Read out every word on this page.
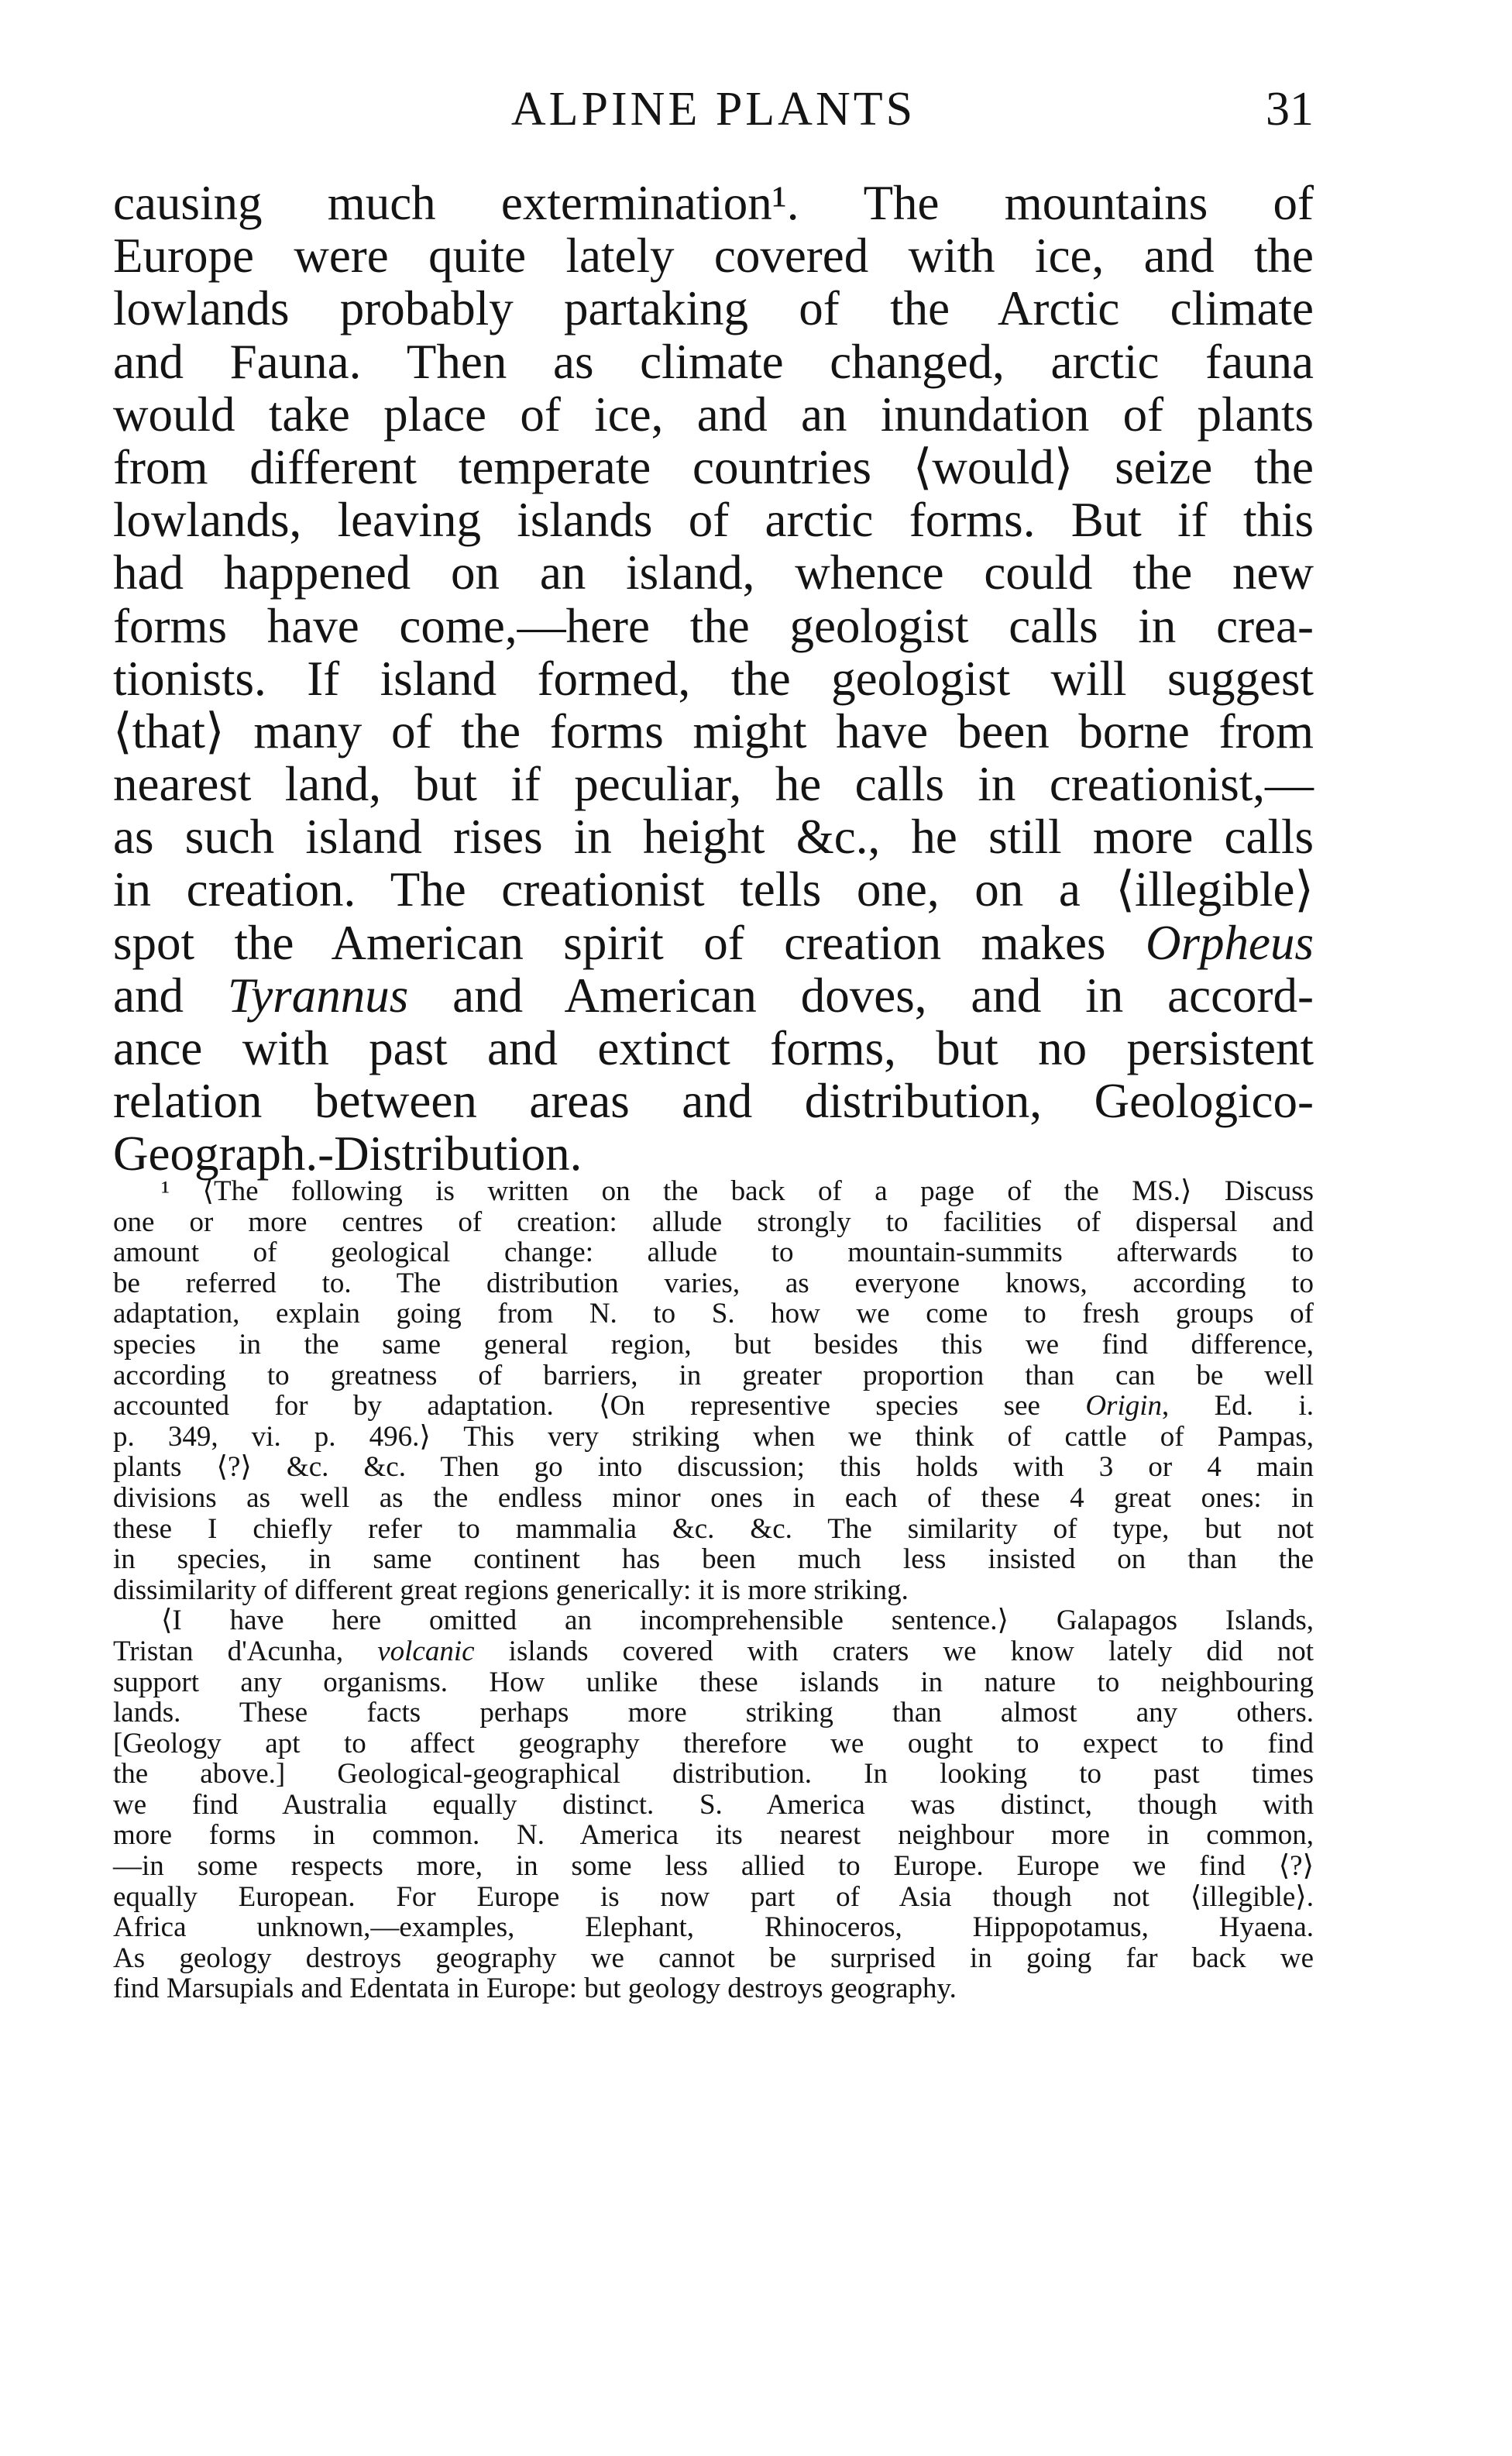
ALPINE PLANTS	31
causing much extermination¹. The mountains of
Europe were quite lately covered with ice, and the
lowlands probably partaking of the Arctic climate
and Fauna. Then as climate changed, arctic fauna
would take place of ice, and an inundation of plants
from different temperate countries ⟨would⟩ seize the
lowlands, leaving islands of arctic forms. But if this
had happened on an island, whence could the new
forms have come,—here the geologist calls in crea-
tionists. If island formed, the geologist will suggest
⟨that⟩ many of the forms might have been borne from
nearest land, but if peculiar, he calls in creationist,—
as such island rises in height &c., he still more calls
in creation. The creationist tells one, on a ⟨illegible⟩
spot the American spirit of creation makes Orpheus
and Tyrannus and American doves, and in accord-
ance with past and extinct forms, but no persistent
relation between areas and distribution, Geologico-
Geograph.-Distribution.
¹ ⟨The following is written on the back of a page of the MS.⟩ Discuss
one or more centres of creation: allude strongly to facilities of dispersal and
amount of geological change: allude to mountain-summits afterwards to
be referred to. The distribution varies, as everyone knows, according to
adaptation, explain going from N. to S. how we come to fresh groups of
species in the same general region, but besides this we find difference,
according to greatness of barriers, in greater proportion than can be well
accounted for by adaptation. ⟨On representive species see Origin, Ed. i.
p. 349, vi. p. 496.⟩ This very striking when we think of cattle of Pampas,
plants ⟨?⟩ &c. &c. Then go into discussion; this holds with 3 or 4 main
divisions as well as the endless minor ones in each of these 4 great ones: in
these I chiefly refer to mammalia &c. &c. The similarity of type, but not
in species, in same continent has been much less insisted on than the
dissimilarity of different great regions generically: it is more striking.
⟨I have here omitted an incomprehensible sentence.⟩ Galapagos Islands,
Tristan d'Acunha, volcanic islands covered with craters we know lately did not
support any organisms. How unlike these islands in nature to neighbouring
lands. These facts perhaps more striking than almost any others.
[Geology apt to affect geography therefore we ought to expect to find
the above.] Geological-geographical distribution. In looking to past times
we find Australia equally distinct. S. America was distinct, though with
more forms in common. N. America its nearest neighbour more in common,
—in some respects more, in some less allied to Europe. Europe we find ⟨?⟩
equally European. For Europe is now part of Asia though not ⟨illegible⟩.
Africa unknown,—examples, Elephant, Rhinoceros, Hippopotamus, Hyaena.
As geology destroys geography we cannot be surprised in going far back we
find Marsupials and Edentata in Europe: but geology destroys geography.
